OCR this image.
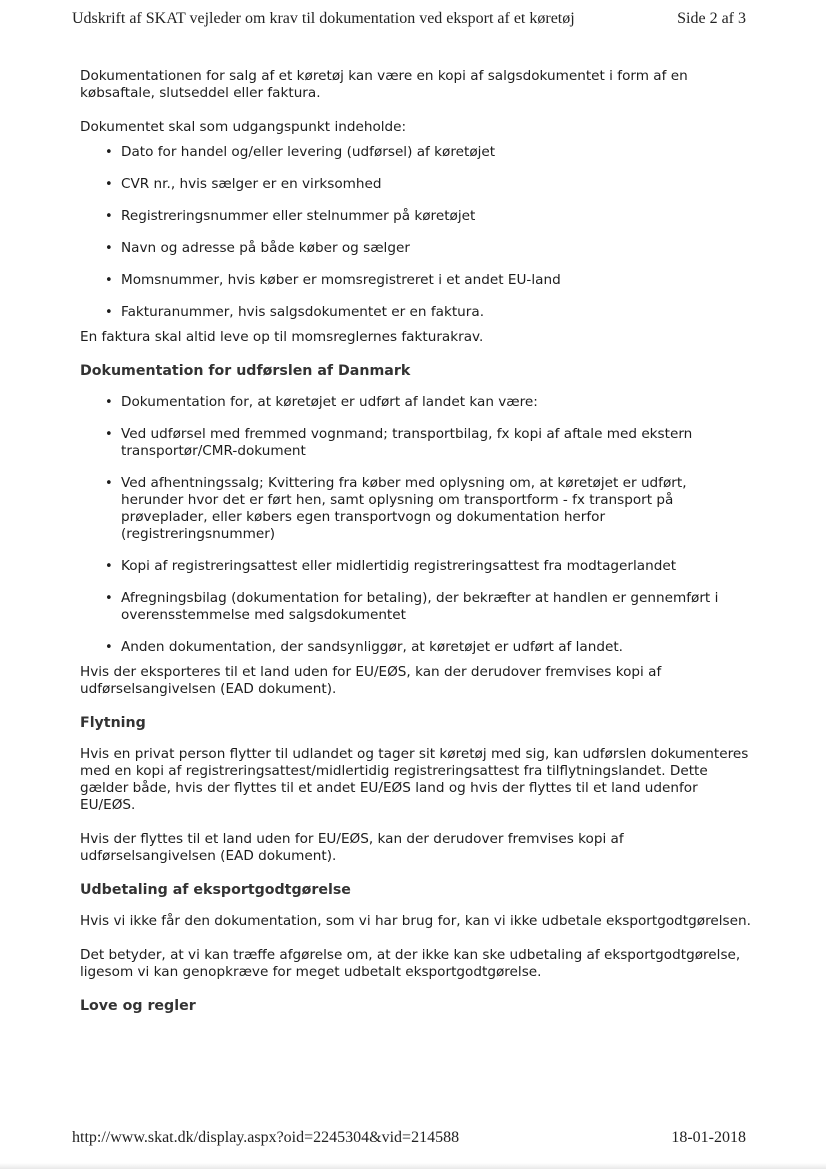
Udskrift af SKAT vejleder om krav til dokumentation ved eksport af et køretøj	Side 2 af 3

Dokumentationen for salg af et køretøj kan være en kopi af salgsdokumentet i form af en købsaftale, slutseddel eller faktura.

Dokumentet skal som udgangspunkt indeholde:

• Dato for handel og/eller levering (udførsel) af køretøjet
• CVR nr., hvis sælger er en virksomhed
• Registreringsnummer eller stelnummer på køretøjet
• Navn og adresse på både køber og sælger
• Momsnummer, hvis køber er momsregistreret i et andet EU-land
• Fakturanummer, hvis salgsdokumentet er en faktura.

En faktura skal altid leve op til momsreglernes fakturakrav.

Dokumentation for udførslen af Danmark
• Dokumentation for, at køretøjet er udført af landet kan være:
• Ved udførsel med fremmed vognmand; transportbilag, fx kopi af aftale med ekstern transportør/CMR-dokument
• Ved afhentningssalg; Kvittering fra køber med oplysning om, at køretøjet er udført, herunder hvor det er ført hen, samt oplysning om transportform - fx transport på prøveplader, eller købers egen transportvogn og dokumentation herfor (registreringsnummer)
• Kopi af registreringsattest eller midlertidig registreringsattest fra modtagerlandet
• Afregningsbilag (dokumentation for betaling), der bekræfter at handlen er gennemført i overensstemmelse med salgsdokumentet
• Anden dokumentation, der sandsynliggør, at køretøjet er udført af landet.

Hvis der eksporteres til et land uden for EU/EØS, kan der derudover fremvises kopi af udførselsangivelsen (EAD dokument).

Flytning

Hvis en privat person flytter til udlandet og tager sit køretøj med sig, kan udførslen dokumenteres med en kopi af registreringsattest/midlertidig registreringsattest fra tilflytningslandet. Dette gælder både, hvis der flyttes til et andet EU/EØS land og hvis der flyttes til et land udenfor EU/EØS.

Hvis der flyttes til et land uden for EU/EØS, kan der derudover fremvises kopi af udførselsangivelsen (EAD dokument).

Udbetaling af eksportgodtgørelse

Hvis vi ikke får den dokumentation, som vi har brug for, kan vi ikke udbetale eksportgodtgørelsen.

Det betyder, at vi kan træffe afgørelse om, at der ikke kan ske udbetaling af eksportgodtgørelse, ligesom vi kan genopkræve for meget udbetalt eksportgodtgørelse.

Love og regler
http://www.skat.dk/display.aspx?oid=2245304&vid=214588	18-01-2018
